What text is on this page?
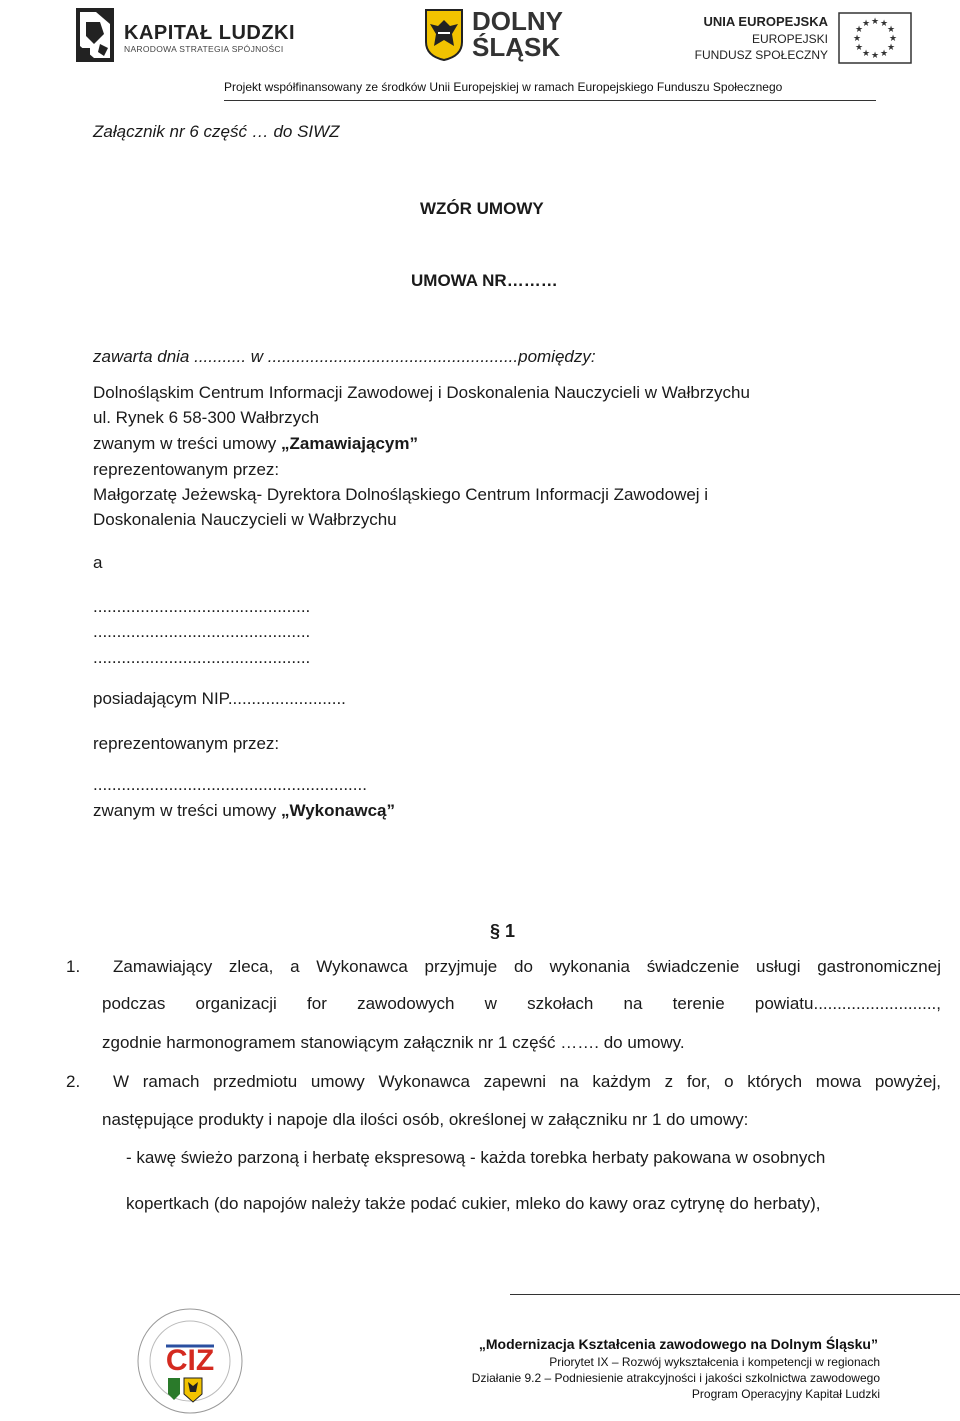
KAPITAŁ LUDZKI
NARODOWA STRATEGIA SPÓJNOŚCI
DOLNY
ŚLĄSK
UNIA EUROPEJSKA
EUROPEJSKI
FUNDUSZ SPOŁECZNY
★ ★
★
★
★
★
★
★
★
★
★
★
Projekt współfinansowany ze środków Unii Europejskiej w ramach Europejskiego Funduszu Społecznego
Załącznik nr 6 część … do SIWZ
WZÓR UMOWY
UMOWA NR………
zawarta dnia ........... w .....................................................pomiędzy:
Dolnośląskim Centrum Informacji Zawodowej i Doskonalenia Nauczycieli w Wałbrzychu
ul. Rynek 6 58-300 Wałbrzych
zwanym w treści umowy „Zamawiającym”
reprezentowanym przez:
Małgorzatę Jeżewską- Dyrektora Dolnośląskiego Centrum Informacji Zawodowej i
Doskonalenia Nauczycieli w Wałbrzychu
a
..............................................
..............................................
..............................................
posiadającym NIP.........................
reprezentowanym przez:
..........................................................
zwanym w treści umowy „Wykonawcą”
§ 1
1. Zamawiający zleca, a Wykonawca przyjmuje do wykonania świadczenie usługi gastronomicznej
podczas organizacji for zawodowych w szkołach na terenie powiatu..........................,
zgodnie harmonogramem stanowiącym załącznik nr 1 część ……. do umowy.
2. W ramach przedmiotu umowy Wykonawca zapewni na każdym z for, o których mowa powyżej,
następujące produkty i napoje dla ilości osób, określonej w załączniku nr 1 do umowy:
- kawę świeżo parzoną i herbatę ekspresową - każda torebka herbaty pakowana w osobnych
kopertkach (do napojów należy także podać cukier, mleko do kawy oraz cytrynę do herbaty),
CIZ	„Modernizacja Kształcenia zawodowego na Dolnym Śląsku”
Priorytet IX – Rozwój wykształcenia i kompetencji w regionach
Działanie 9.2 – Podniesienie atrakcyjności i jakości szkolnictwa zawodowego
Program Operacyjny Kapitał Ludzki
